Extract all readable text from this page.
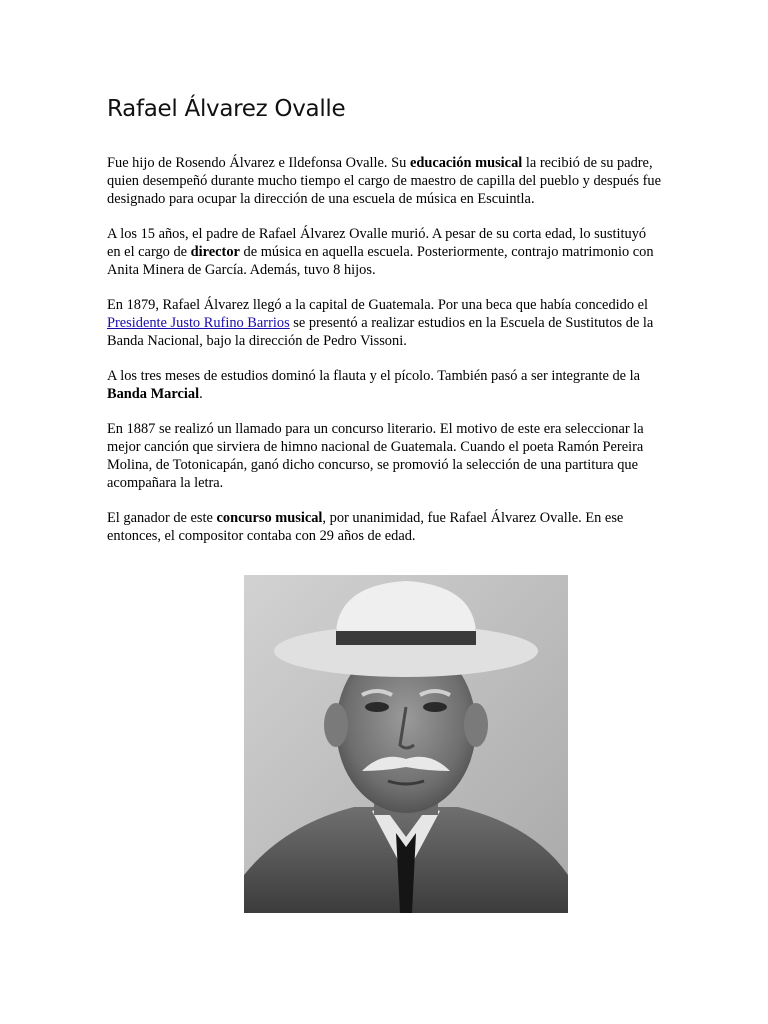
Rafael Álvarez Ovalle

Fue hijo de Rosendo Álvarez e Ildefonsa Ovalle. Su educación musical la recibió de su padre, quien desempeñó durante mucho tiempo el cargo de maestro de capilla del pueblo y después fue designado para ocupar la dirección de una escuela de música en Escuintla.

A los 15 años, el padre de Rafael Álvarez Ovalle murió. A pesar de su corta edad, lo sustituyó en el cargo de director de música en aquella escuela. Posteriormente, contrajo matrimonio con Anita Minera de García. Además, tuvo 8 hijos.

En 1879, Rafael Álvarez llegó a la capital de Guatemala. Por una beca que había concedido el Presidente Justo Rufino Barrios se presentó a realizar estudios en la Escuela de Sustitutos de la Banda Nacional, bajo la dirección de Pedro Vissoni.

A los tres meses de estudios dominó la flauta y el pícolo. También pasó a ser integrante de la Banda Marcial.

En 1887 se realizó un llamado para un concurso literario. El motivo de este era seleccionar la mejor canción que sirviera de himno nacional de Guatemala. Cuando el poeta Ramón Pereira Molina, de Totonicapán, ganó dicho concurso, se promovió la selección de una partitura que acompañara la letra.

El ganador de este concurso musical, por unanimidad, fue Rafael Álvarez Ovalle. En ese entonces, el compositor contaba con 29 años de edad.
